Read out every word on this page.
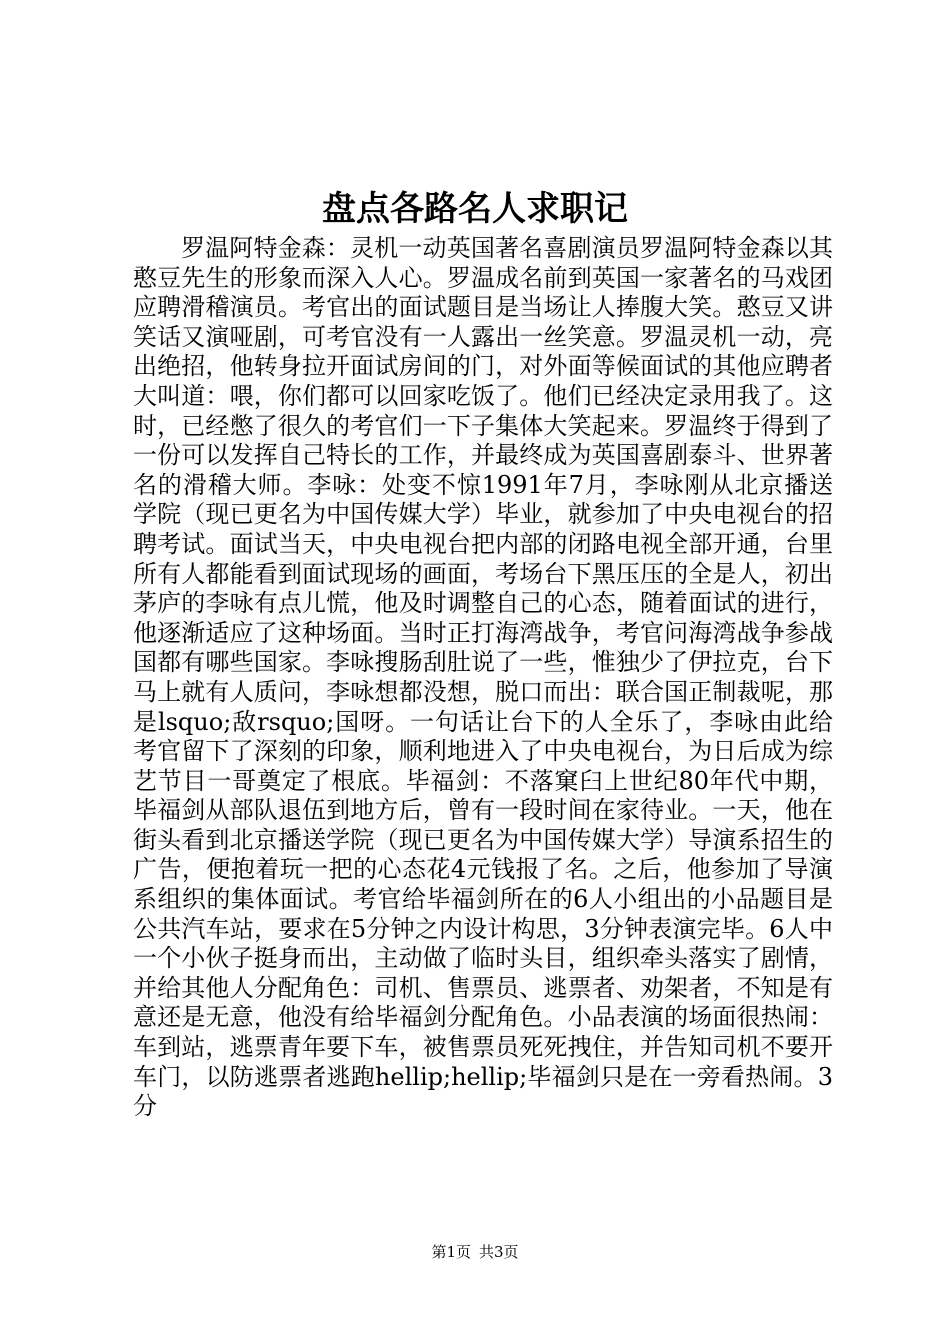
盘点各路名人求职记

罗温阿特金森：灵机一动英国著名喜剧演员罗温阿特金森以其憨豆先生的形象而深入人心。罗温成名前到英国一家著名的马戏团应聘滑稽演员。考官出的面试题目是当场让人捧腹大笑。憨豆又讲笑话又演哑剧，可考官没有一人露出一丝笑意。罗温灵机一动，亮出绝招，他转身拉开面试房间的门，对外面等候面试的其他应聘者大叫道：喂，你们都可以回家吃饭了。他们已经决定录用我了。这时，已经憋了很久的考官们一下子集体大笑起来。罗温终于得到了一份可以发挥自己特长的工作，并最终成为英国喜剧泰斗、世界著名的滑稽大师。李咏：处变不惊1991年7月，李咏刚从北京播送学院（现已更名为中国传媒大学）毕业，就参加了中央电视台的招聘考试。面试当天，中央电视台把内部的闭路电视全部开通，台里所有人都能看到面试现场的画面，考场台下黑压压的全是人，初出茅庐的李咏有点儿慌，他及时调整自己的心态，随着面试的进行，他逐渐适应了这种场面。当时正打海湾战争，考官问海湾战争参战国都有哪些国家。李咏搜肠刮肚说了一些，惟独少了伊拉克，台下马上就有人质问，李咏想都没想，脱口而出：联合国正制裁呢，那是lsquo;敌rsquo;国呀。一句话让台下的人全乐了，李咏由此给考官留下了深刻的印象，顺利地进入了中央电视台，为日后成为综艺节目一哥奠定了根底。毕福剑：不落窠臼上世纪80年代中期，毕福剑从部队退伍到地方后，曾有一段时间在家待业。一天，他在街头看到北京播送学院（现已更名为中国传媒大学）导演系招生的广告，便抱着玩一把的心态花4元钱报了名。之后，他参加了导演系组织的集体面试。考官给毕福剑所在的6人小组出的小品题目是公共汽车站，要求在5分钟之内设计构思，3分钟表演完毕。6人中一个小伙子挺身而出，主动做了临时头目，组织牵头落实了剧情，并给其他人分配角色：司机、售票员、逃票者、劝架者，不知是有意还是无意，他没有给毕福剑分配角色。小品表演的场面很热闹：车到站，逃票青年要下车，被售票员死死拽住，并告知司机不要开车门，以防逃票者逃跑hellip;hellip;毕福剑只是在一旁看热闹。3分

第1页 共3页
